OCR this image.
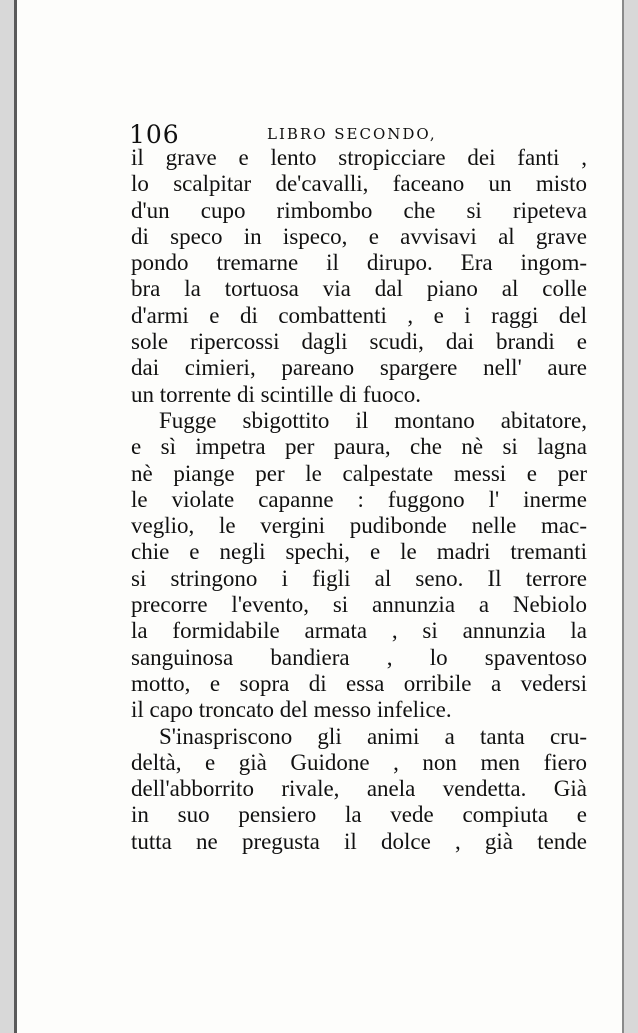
106	LIBRO SECONDO,
il grave e lento stropicciare dei fanti ,
lo scalpitar de'cavalli, faceano un misto
d'un cupo rimbombo che si ripeteva
di speco in ispeco, e avvisavi al grave
pondo tremarne il dirupo. Era ingom-
bra la tortuosa via dal piano al colle
d'armi e di combattenti , e i raggi del
sole ripercossi dagli scudi, dai brandi e
dai cimieri, pareano spargere nell' aure
un torrente di scintille di fuoco.
Fugge sbigottito il montano abitatore,
e sì impetra per paura, che nè si lagna
nè piange per le calpestate messi e per
le violate capanne : fuggono l' inerme
veglio, le vergini pudibonde nelle mac-
chie e negli spechi, e le madri tremanti
si stringono i figli al seno. Il terrore
precorre l'evento, si annunzia a Nebiolo
la formidabile armata , si annunzia la
sanguinosa bandiera , lo spaventoso
motto, e sopra di essa orribile a vedersi
il capo troncato del messo infelice.
S'inaspriscono gli animi a tanta cru-
deltà, e già Guidone , non men fiero
dell'abborrito rivale, anela vendetta. Già
in suo pensiero la vede compiuta e
tutta ne pregusta il dolce , già tende
